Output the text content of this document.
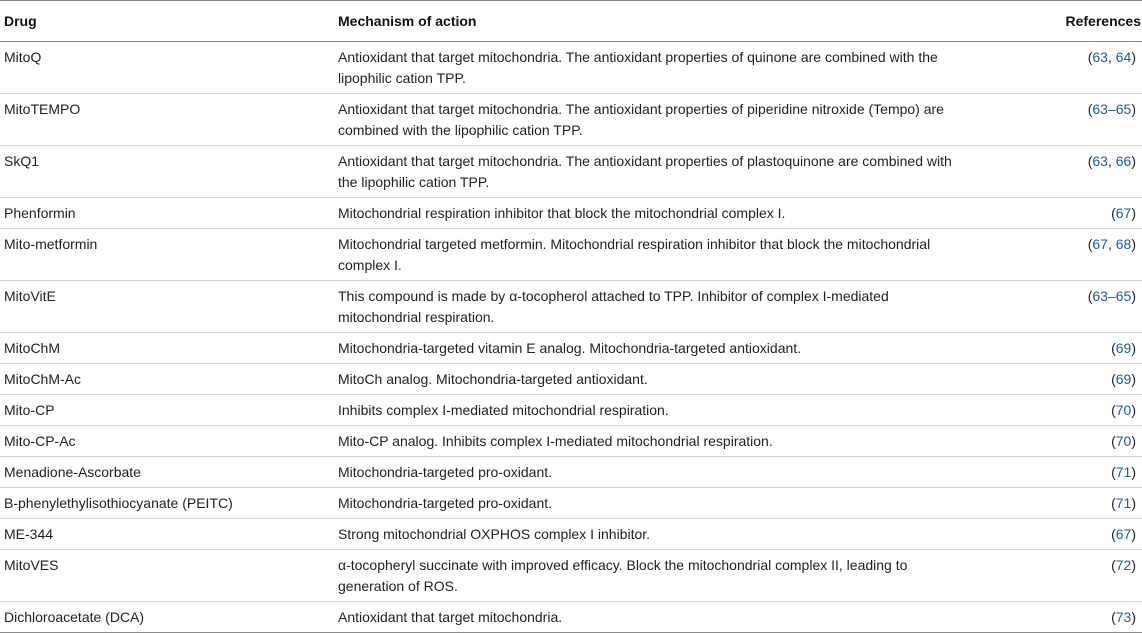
Drug	Mechanism of action	References
MitoQ	Antioxidant that target mitochondria. The antioxidant properties of quinone are combined with the lipophilic cation TPP.	(63, 64)
MitoTEMPO	Antioxidant that target mitochondria. The antioxidant properties of piperidine nitroxide (Tempo) are combined with the lipophilic cation TPP.	(63–65)
SkQ1	Antioxidant that target mitochondria. The antioxidant properties of plastoquinone are combined with the lipophilic cation TPP.	(63, 66)
Phenformin	Mitochondrial respiration inhibitor that block the mitochondrial complex I.	(67)
Mito-metformin	Mitochondrial targeted metformin. Mitochondrial respiration inhibitor that block the mitochondrial complex I.	(67, 68)
MitoVitE	This compound is made by α-tocopherol attached to TPP. Inhibitor of complex I-mediated mitochondrial respiration.	(63–65)
MitoChM	Mitochondria-targeted vitamin E analog. Mitochondria-targeted antioxidant.	(69)
MitoChM-Ac	MitoCh analog. Mitochondria-targeted antioxidant.	(69)
Mito-CP	Inhibits complex I-mediated mitochondrial respiration.	(70)
Mito-CP-Ac	Mito-CP analog. Inhibits complex I-mediated mitochondrial respiration.	(70)
Menadione-Ascorbate	Mitochondria-targeted pro-oxidant.	(71)
B-phenylethylisothiocyanate (PEITC)	Mitochondria-targeted pro-oxidant.	(71)
ME-344	Strong mitochondrial OXPHOS complex I inhibitor.	(67)
MitoVES	α-tocopheryl succinate with improved efficacy. Block the mitochondrial complex II, leading to generation of ROS.	(72)
Dichloroacetate (DCA)	Antioxidant that target mitochondria.	(73)
